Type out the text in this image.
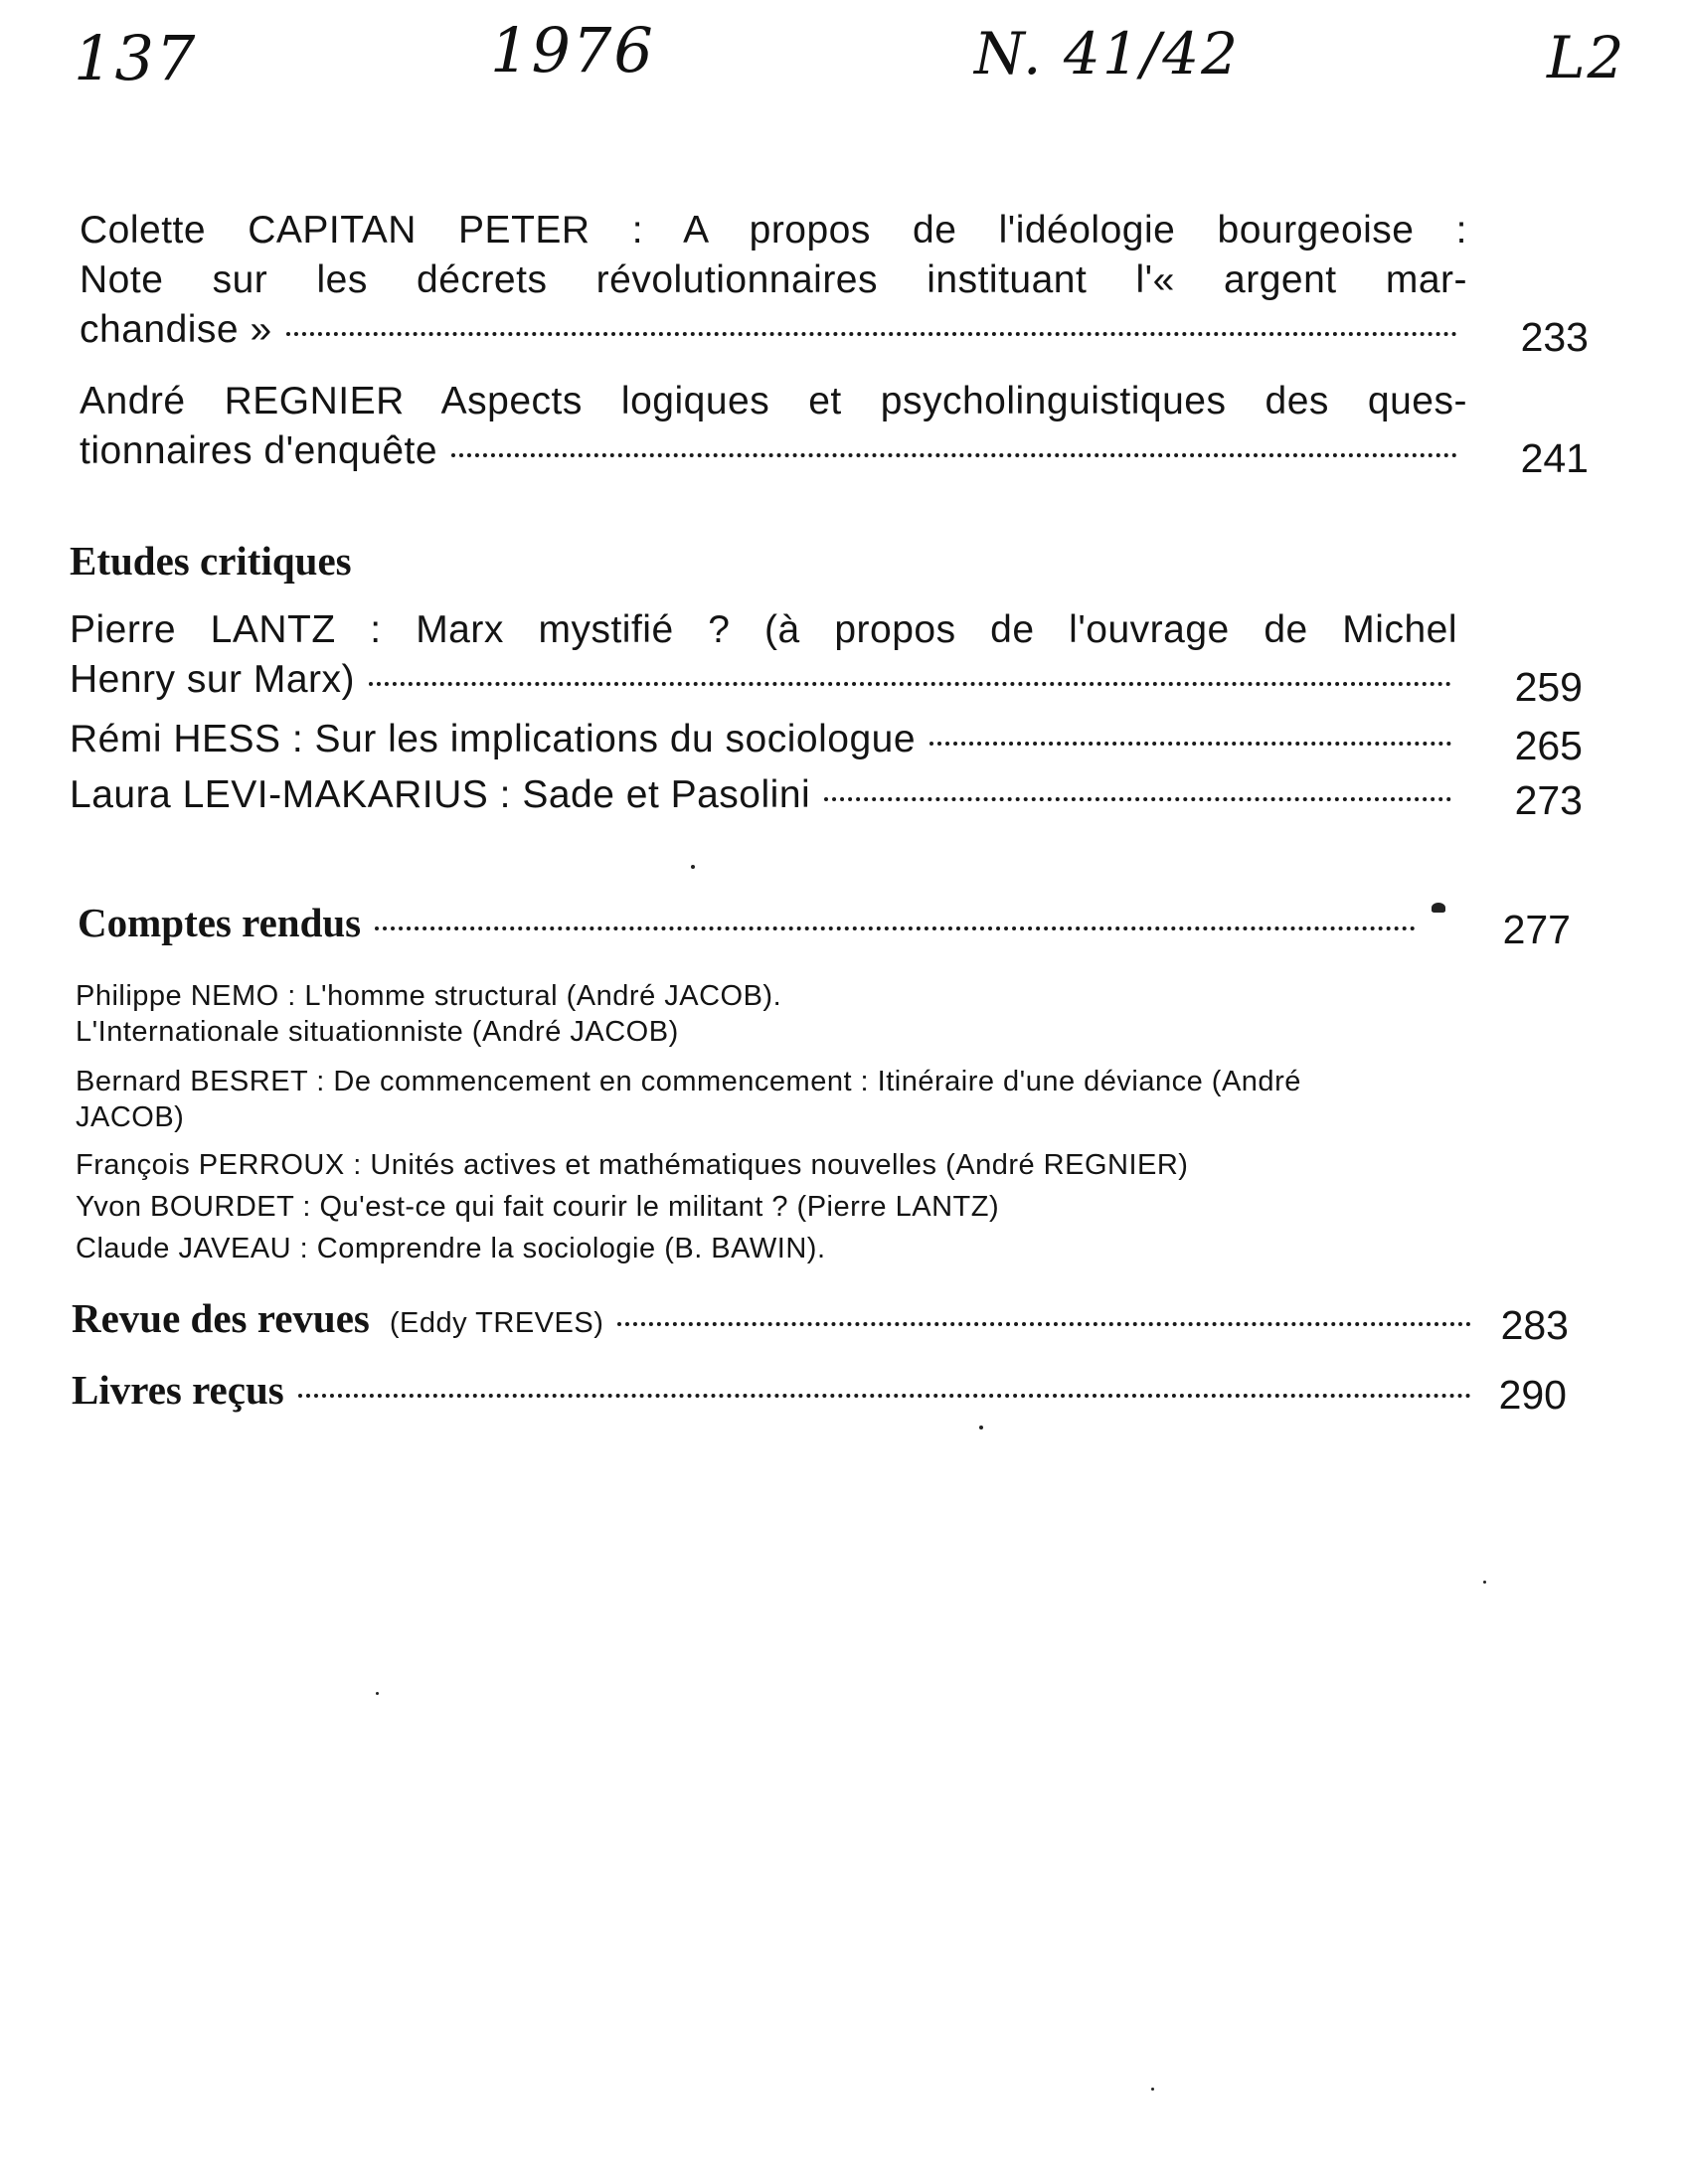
137	1976	N. 41/42	L2
Colette CAPITAN PETER : A propos de l'idéologie bourgeoise :
Note sur les décrets révolutionnaires instituant l'« argent mar-
chandise »	233
André REGNIER Aspects logiques et psycholinguistiques des ques-
tionnaires d'enquête	241
Etudes critiques
Pierre LANTZ : Marx mystifié ? (à propos de l'ouvrage de Michel
Henry sur Marx)	259
Rémi HESS : Sur les implications du sociologue	265
Laura LEVI-MAKARIUS : Sade et Pasolini	273
Comptes rendus	277
Philippe NEMO : L'homme structural (André JACOB).
L'Internationale situationniste (André JACOB)
Bernard BESRET : De commencement en commencement : Itinéraire d'une déviance (André
JACOB)
François PERROUX : Unités actives et mathématiques nouvelles (André REGNIER)
Yvon BOURDET : Qu'est-ce qui fait courir le militant ? (Pierre LANTZ)
Claude JAVEAU : Comprendre la sociologie (B. BAWIN).
Revue des revues (Eddy TREVES)	283
Livres reçus	290
